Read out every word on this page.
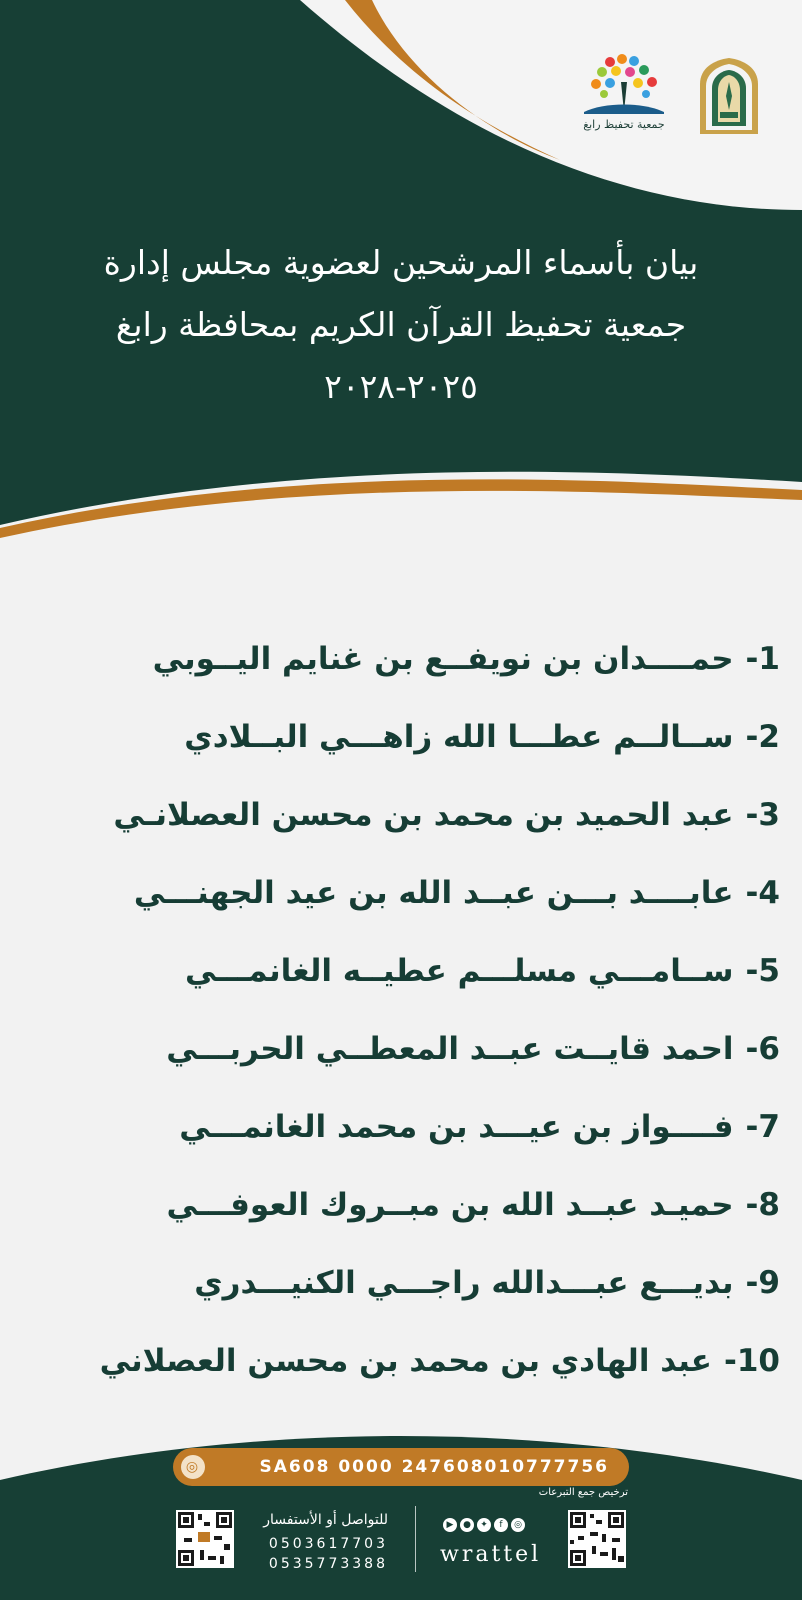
جمعية تحفيظ رابغ
بيان بأسماء المرشحين لعضوية مجلس إدارة
جمعية تحفيظ القرآن الكريم بمحافظة رابغ
٢٠٢٥-٢٠٢٨
1-
حمــــدان بن نويفــع بن غنايم اليــوبي
2-
ســالــم عطـــا الله زاهـــي البــلادي
3-
عبد الحميد بن محمد بن محسن العصلانـي
4-
عابــــد بـــن عبــد الله بن عيد الجهنـــي
5-
ســامـــي مسلـــم عطيــه الغانمـــي
6-
احمد قايــت عبــد المعطــي الحربـــي
7-
فــــواز بن عيـــد بن محمد الغانمـــي
8-
حميـد عبــد الله بن مبــروك العوفـــي
9-
بديـــع عبـــدالله راجـــي الكنيـــدري
10-
عبد الهادي بن محمد بن محسن العصلاني
◎	SA608 0000 247608010777756
ترخيص جمع التبرعات
للتواصل أو الأستفسار
0503617703
0535773388
▶	●	✦	f	◎
wrattel
